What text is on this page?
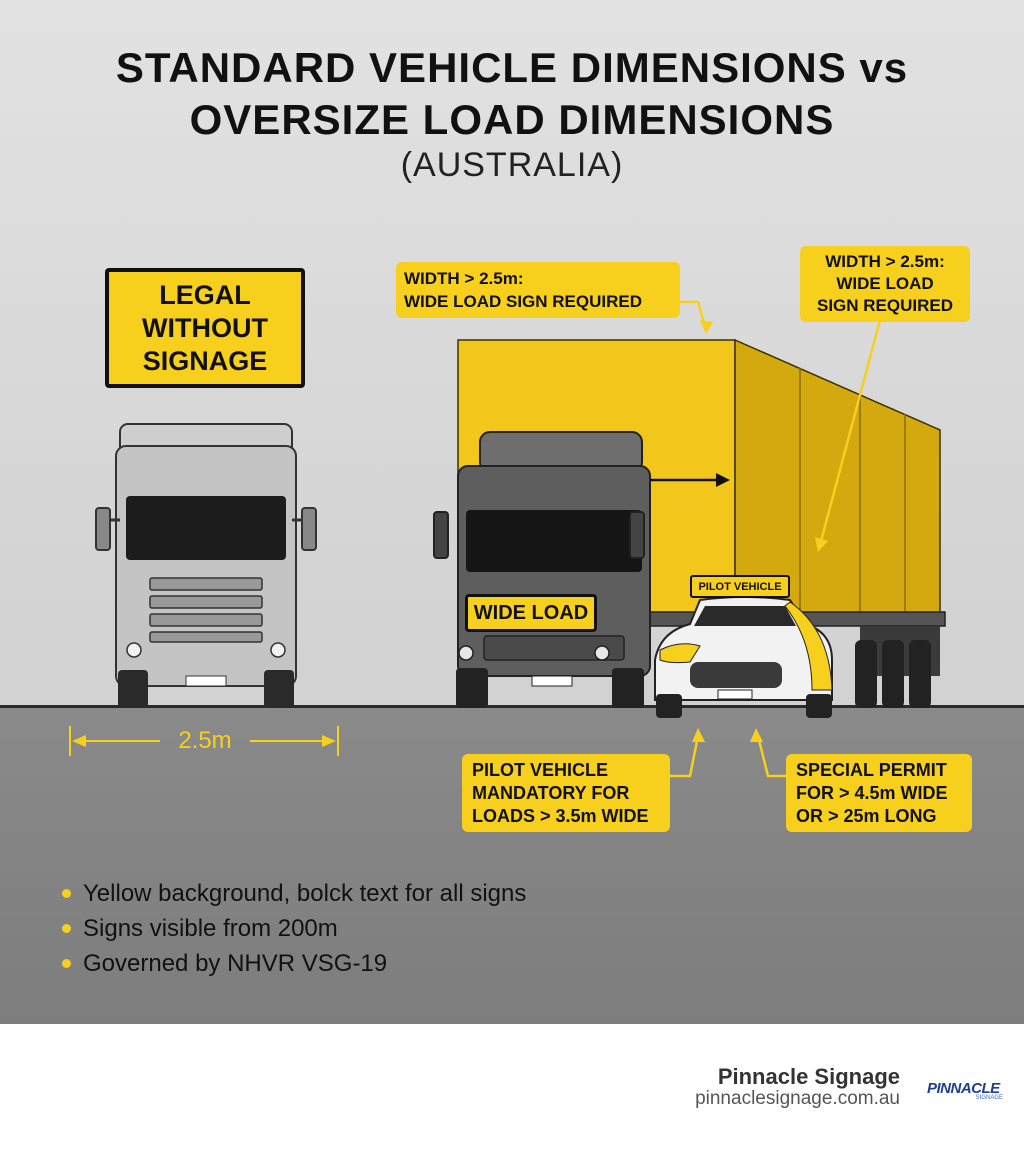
STANDARD VEHICLE DIMENSIONS vs
OVERSIZE LOAD DIMENSIONS
(AUSTRALIA)
LEGAL
WITHOUT
SIGNAGE
WIDE LOAD
PILOT VEHICLE
WIDTH > 2.5m:
WIDE LOAD SIGN REQUIRED
WIDTH > 2.5m:
WIDE LOAD
SIGN REQUIRED
PILOT VEHICLE
MANDATORY FOR
LOADS > 3.5m WIDE
SPECIAL PERMIT
FOR > 4.5m WIDE
OR > 25m LONG
2.5m
Yellow background, bolck text for all signs
Signs visible from 200m
Governed by NHVR VSG-19
Pinnacle Signage
pinnaclesignage.com.au PINNACLE
SIGNAGE
